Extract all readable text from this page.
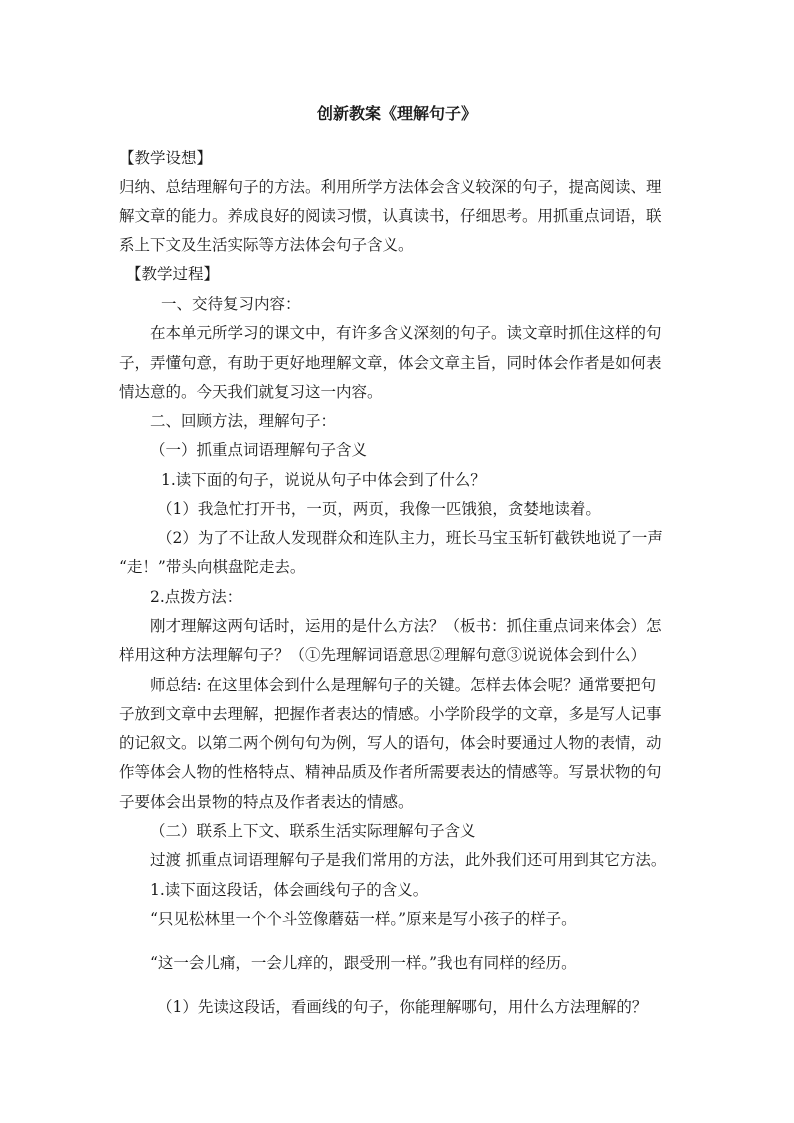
创新教案《理解句子》
【教学设想】
归纳、总结理解句子的方法。利用所学方法体会含义较深的句子，提高阅读、理
解文章的能力。养成良好的阅读习惯，认真读书，仔细思考。用抓重点词语，联
系上下文及生活实际等方法体会句子含义。
【教学过程】
一、交待复习内容：
在本单元所学习的课文中，有许多含义深刻的句子。读文章时抓住这样的句
子，弄懂句意，有助于更好地理解文章，体会文章主旨，同时体会作者是如何表
情达意的。今天我们就复习这一内容。
二、回顾方法，理解句子：
（一）抓重点词语理解句子含义
1.读下面的句子，说说从句子中体会到了什么？
（1）我急忙打开书，一页，两页，我像一匹饿狼，贪婪地读着。
（2）为了不让敌人发现群众和连队主力，班长马宝玉斩钉截铁地说了一声
“走！”带头向棋盘陀走去。
2.点拨方法：
刚才理解这两句话时，运用的是什么方法？（板书：抓住重点词来体会）怎
样用这种方法理解句子？（①先理解词语意思②理解句意③说说体会到什么）
师总结: 在这里体会到什么是理解句子的关键。怎样去体会呢？通常要把句
子放到文章中去理解，把握作者表达的情感。小学阶段学的文章，多是写人记事
的记叙文。以第二两个例句句为例，写人的语句，体会时要通过人物的表情，动
作等体会人物的性格特点、精神品质及作者所需要表达的情感等。写景状物的句
子要体会出景物的特点及作者表达的情感。
（二）联系上下文、联系生活实际理解句子含义
过渡 抓重点词语理解句子是我们常用的方法，此外我们还可用到其它方法。
1.读下面这段话，体会画线句子的含义。
“只见松林里一个个斗笠像蘑菇一样。”原来是写小孩子的样子。
“这一会儿痛，一会儿痒的，跟受刑一样。”我也有同样的经历。
（1）先读这段话，看画线的句子，你能理解哪句，用什么方法理解的？
